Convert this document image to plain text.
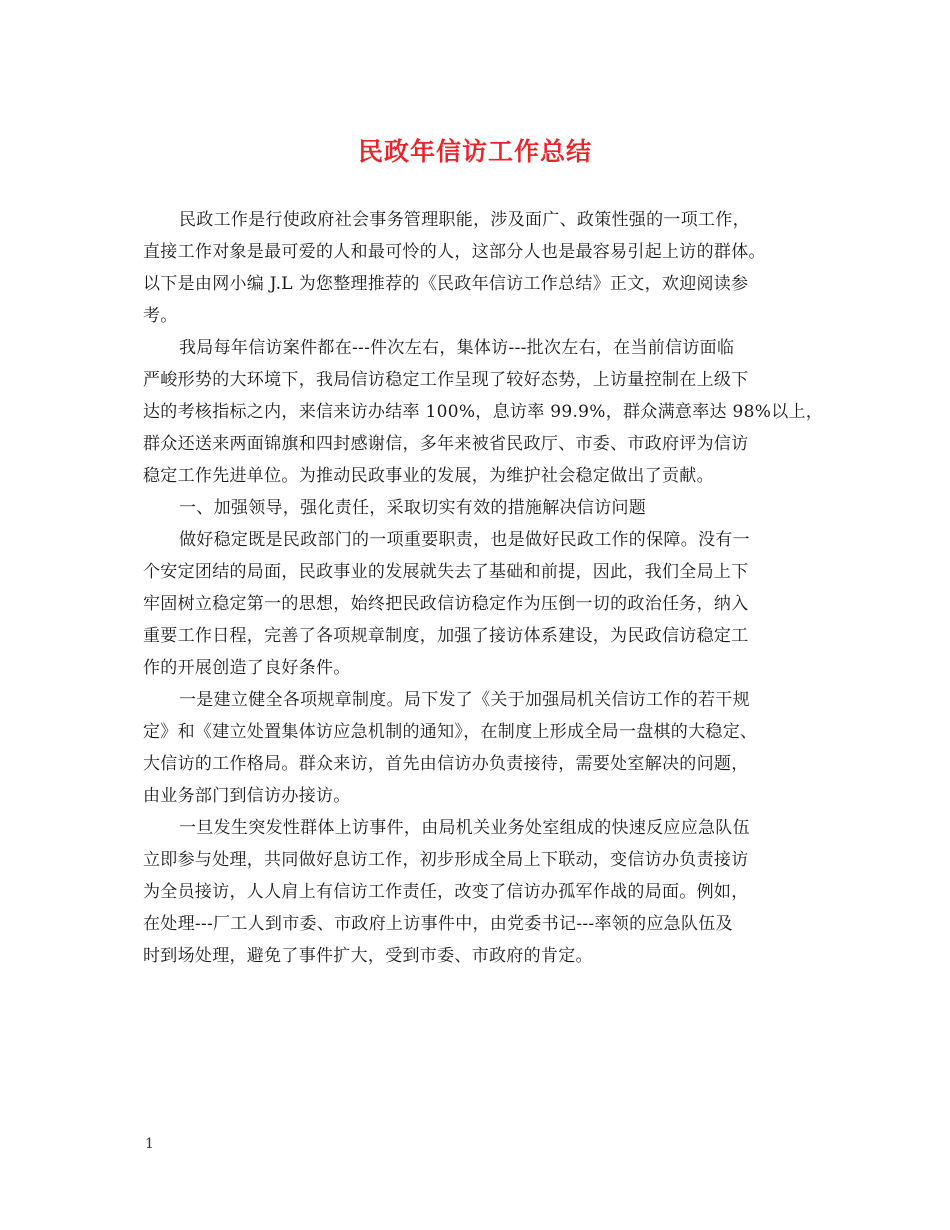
民政年信访工作总结
民政工作是行使政府社会事务管理职能，涉及面广、政策性强的一项工作，
直接工作对象是最可爱的人和最可怜的人，这部分人也是最容易引起上访的群体。
以下是由网小编 J.L 为您整理推荐的《民政年信访工作总结》正文，欢迎阅读参
考。
我局每年信访案件都在---件次左右，集体访---批次左右，在当前信访面临
严峻形势的大环境下，我局信访稳定工作呈现了较好态势，上访量控制在上级下
达的考核指标之内，来信来访办结率 100%，息访率 99.9%，群众满意率达 98%以上，
群众还送来两面锦旗和四封感谢信，多年来被省民政厅、市委、市政府评为信访
稳定工作先进单位。为推动民政事业的发展，为维护社会稳定做出了贡献。
一、加强领导，强化责任，采取切实有效的措施解决信访问题
做好稳定既是民政部门的一项重要职责，也是做好民政工作的保障。没有一
个安定团结的局面，民政事业的发展就失去了基础和前提，因此，我们全局上下
牢固树立稳定第一的思想，始终把民政信访稳定作为压倒一切的政治任务，纳入
重要工作日程，完善了各项规章制度，加强了接访体系建设，为民政信访稳定工
作的开展创造了良好条件。
一是建立健全各项规章制度。局下发了《关于加强局机关信访工作的若干规
定》和《建立处置集体访应急机制的通知》，在制度上形成全局一盘棋的大稳定、
大信访的工作格局。群众来访，首先由信访办负责接待，需要处室解决的问题，
由业务部门到信访办接访。
一旦发生突发性群体上访事件，由局机关业务处室组成的快速反应应急队伍
立即参与处理，共同做好息访工作，初步形成全局上下联动，变信访办负责接访
为全员接访，人人肩上有信访工作责任，改变了信访办孤军作战的局面。例如，
在处理---厂工人到市委、市政府上访事件中，由党委书记---率领的应急队伍及
时到场处理，避免了事件扩大，受到市委、市政府的肯定。
1
